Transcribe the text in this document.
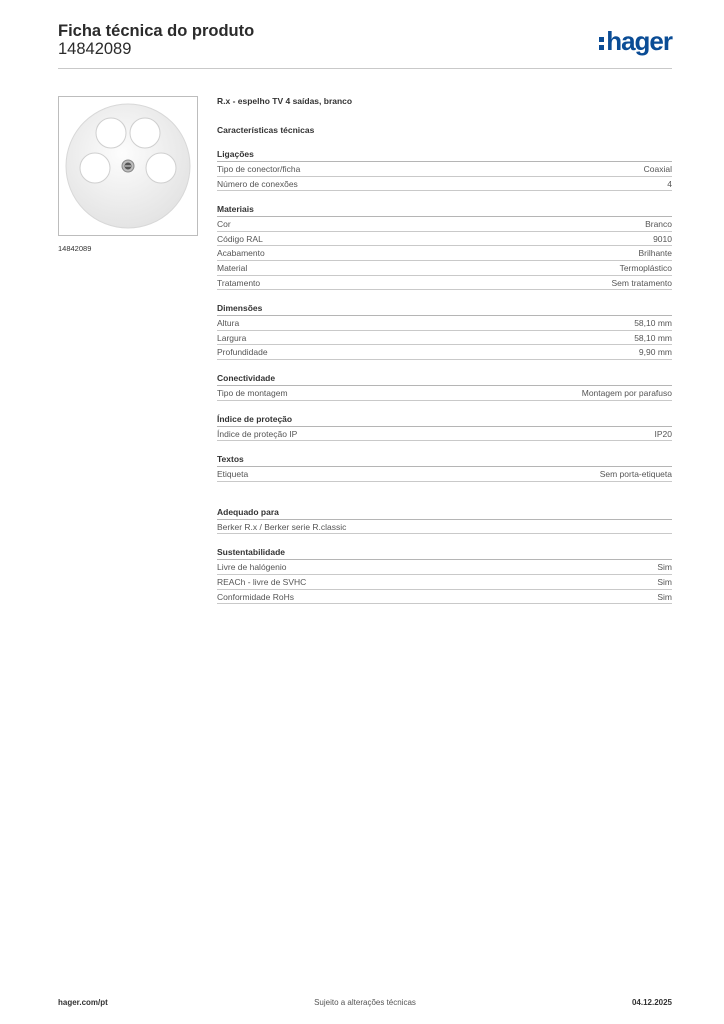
Ficha técnica do produto
14842089	hager
14842089
R.x - espelho TV 4 saídas, branco
Características técnicas
Ligações
Tipo de conector/ficha	Coaxial
Número de conexões	4
Materiais
Cor	Branco
Código RAL	9010
Acabamento	Brilhante
Material	Termoplástico
Tratamento	Sem tratamento
Dimensões
Altura	58,10 mm
Largura	58,10 mm
Profundidade	9,90 mm
Conectividade
Tipo de montagem	Montagem por parafuso
Índice de proteção
Índice de proteção IP	IP20
Textos
Etiqueta	Sem porta-etiqueta
Adequado para
Berker R.x / Berker serie R.classic
Sustentabilidade
Livre de halógenio	Sim
REACh - livre de SVHC	Sim
Conformidade RoHs	Sim
Sujeito a alterações técnicas
hager.com/pt	04.12.2025
